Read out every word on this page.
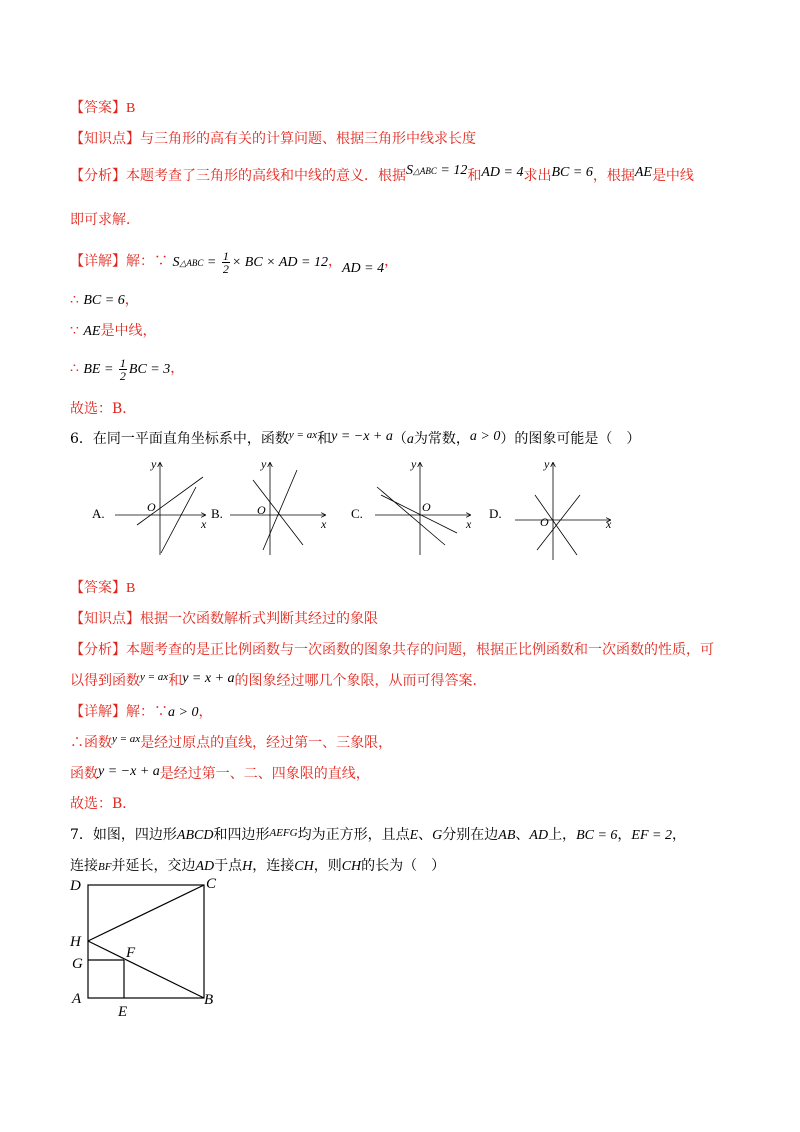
【答案】B
【知识点】与三角形的高有关的计算问题、根据三角形中线求长度
【分析】本题考查了三角形的高线和中线的意义．根据S△ABC = 12和AD = 4求出BC = 6，根据AE是中线
即可求解．
【详解】解：∵ S△ABC = $\frac{1}{2}$ × BC × AD = 12，AD = 4，
∴ BC = 6，
∵ AE是中线，
∴ BE = $\frac{1}{2}$ BC = 3，
故选：B．
6．在同一平面直角坐标系中，函数$^{y = ax}$和y = −x + a（a为常数，a > 0）的图象可能是（　）
A.
y
x
O	B.
y
x
O	C.
y
x
O	D.
y
x
O
【答案】B
【知识点】根据一次函数解析式判断其经过的象限
【分析】本题考查的是正比例函数与一次函数的图象共存的问题，根据正比例函数和一次函数的性质，可
以得到函数$^{y = ax}$和y = x + a的图象经过哪几个象限，从而可得答案．
【详解】解：∵a > 0，
∴函数$^{y = ax}$是经过原点的直线，经过第一、三象限，
函数y = −x + a是经过第一、二、四象限的直线，
故选：B．
7．如图，四边形ABCD和四边形$^{AEFG}$均为正方形，且点E、G分别在边AB、AD上，BC = 6，EF = 2，
连接BF并延长，交边AD于点H，连接CH，则CH的长为（　）
D	C
H
F
G
A	B
E
